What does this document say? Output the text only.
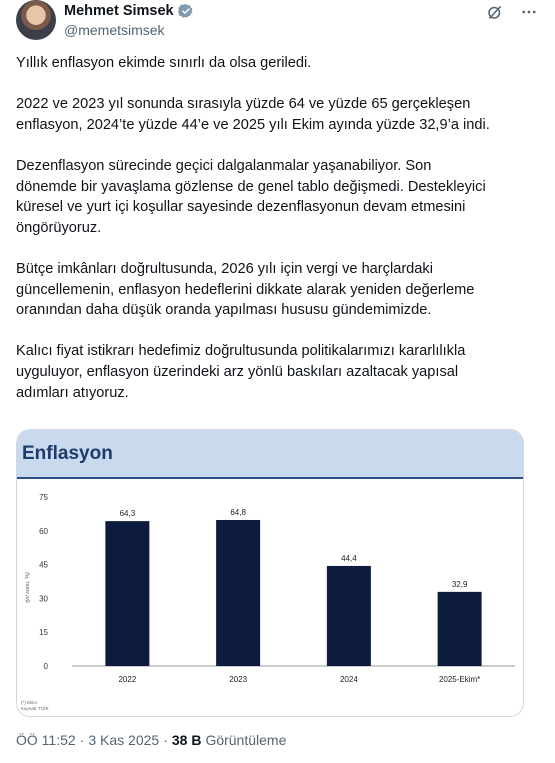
Mehmet Simsek
@memetsimsek

Yıllık enflasyon ekimde sınırlı da olsa geriledi.

2022 ve 2023 yıl sonunda sırasıyla yüzde 64 ve yüzde 65 gerçekleşen
enflasyon, 2024’te yüzde 44’e ve 2025 yılı Ekim ayında yüzde 32,9’a indi.

Dezenflasyon sürecinde geçici dalgalanmalar yaşanabiliyor. Son
dönemde bir yavaşlama gözlense de genel tablo değişmedi. Destekleyici
küresel ve yurt içi koşullar sayesinde dezenflasyonun devam etmesini
öngörüyoruz.

Bütçe imkânları doğrultusunda, 2026 yılı için vergi ve harçlardaki
güncellemenin, enflasyon hedeflerini dikkate alarak yeniden değerleme
oranından daha düşük oranda yapılması hususu gündemimizde.

Kalıcı fiyat istikrarı hedefimiz doğrultusunda politikalarımızı kararlılıkla
uyguluyor, enflasyon üzerindeki arz yönlü baskıları azaltacak yapısal
adımları atıyoruz.

Enflasyon
0
15
30
45
60
75
(yıl sonu, %)
64,3
2022
64,8
2023
44,4
2024
32,9
2025-Ekim*
(*) Ekim
Kaynak: TÜİK
ÖÖ 11:52 · 3 Kas 2025 · 38 B Görüntüleme
